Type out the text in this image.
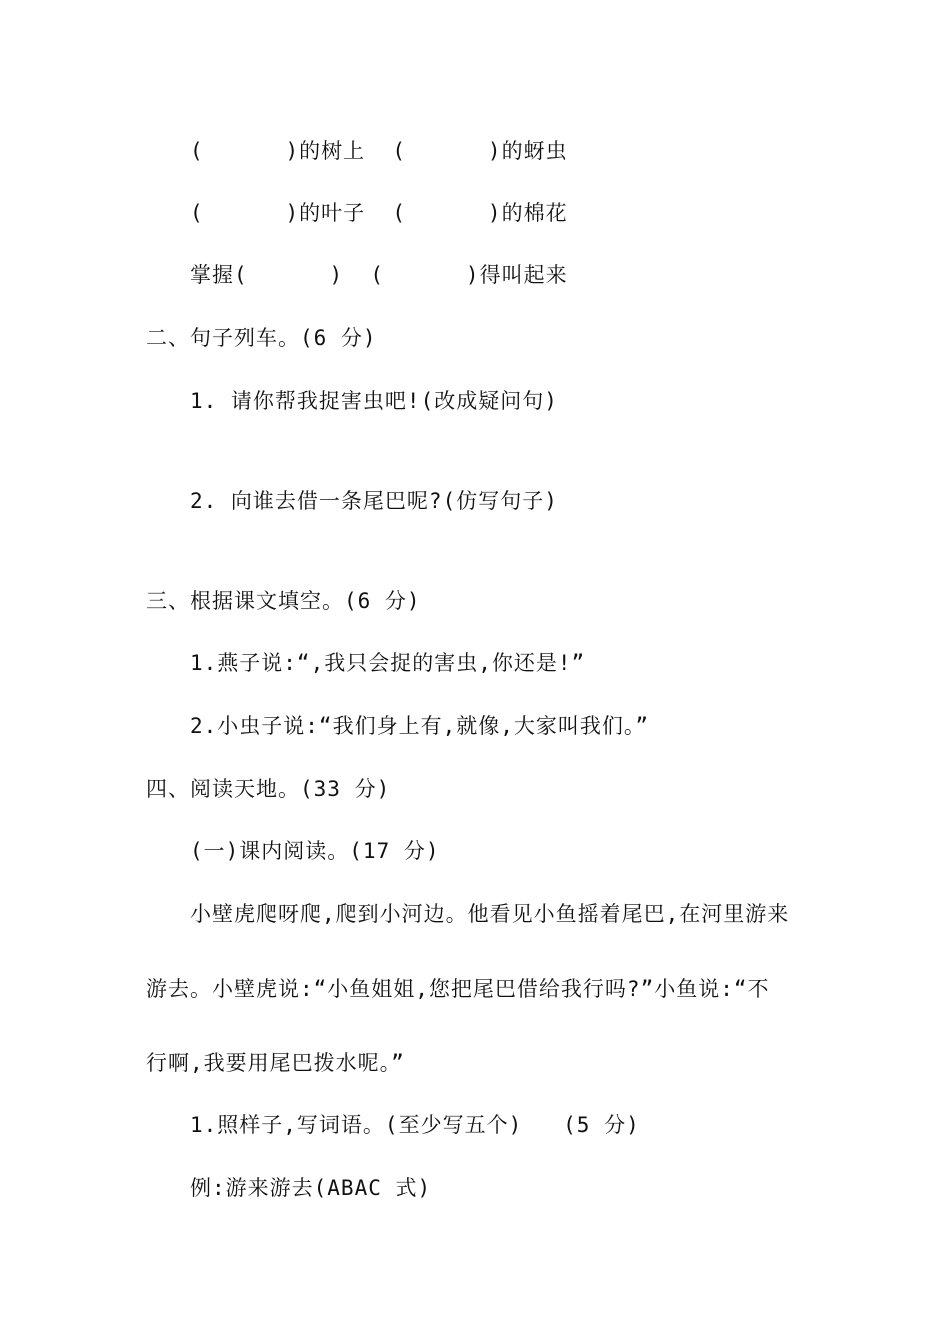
(      )的树上  (      )的蚜虫
(      )的叶子  (      )的棉花
掌握(      )  (      )得叫起来
二、句子列车。(6 分)
1. 请你帮我捉害虫吧!(改成疑问句)
2. 向谁去借一条尾巴呢?(仿写句子)
三、根据课文填空。(6 分)
1.燕子说:“,我只会捉的害虫,你还是!”
2.小虫子说:“我们身上有,就像,大家叫我们。”
四、阅读天地。(33 分)
(一)课内阅读。(17 分)
小壁虎爬呀爬,爬到小河边。他看见小鱼摇着尾巴,在河里游来
游去。小壁虎说:“小鱼姐姐,您把尾巴借给我行吗?”小鱼说:“不
行啊,我要用尾巴拨水呢。”
1.照样子,写词语。(至少写五个)   (5 分)
例:游来游去(ABAC 式)
